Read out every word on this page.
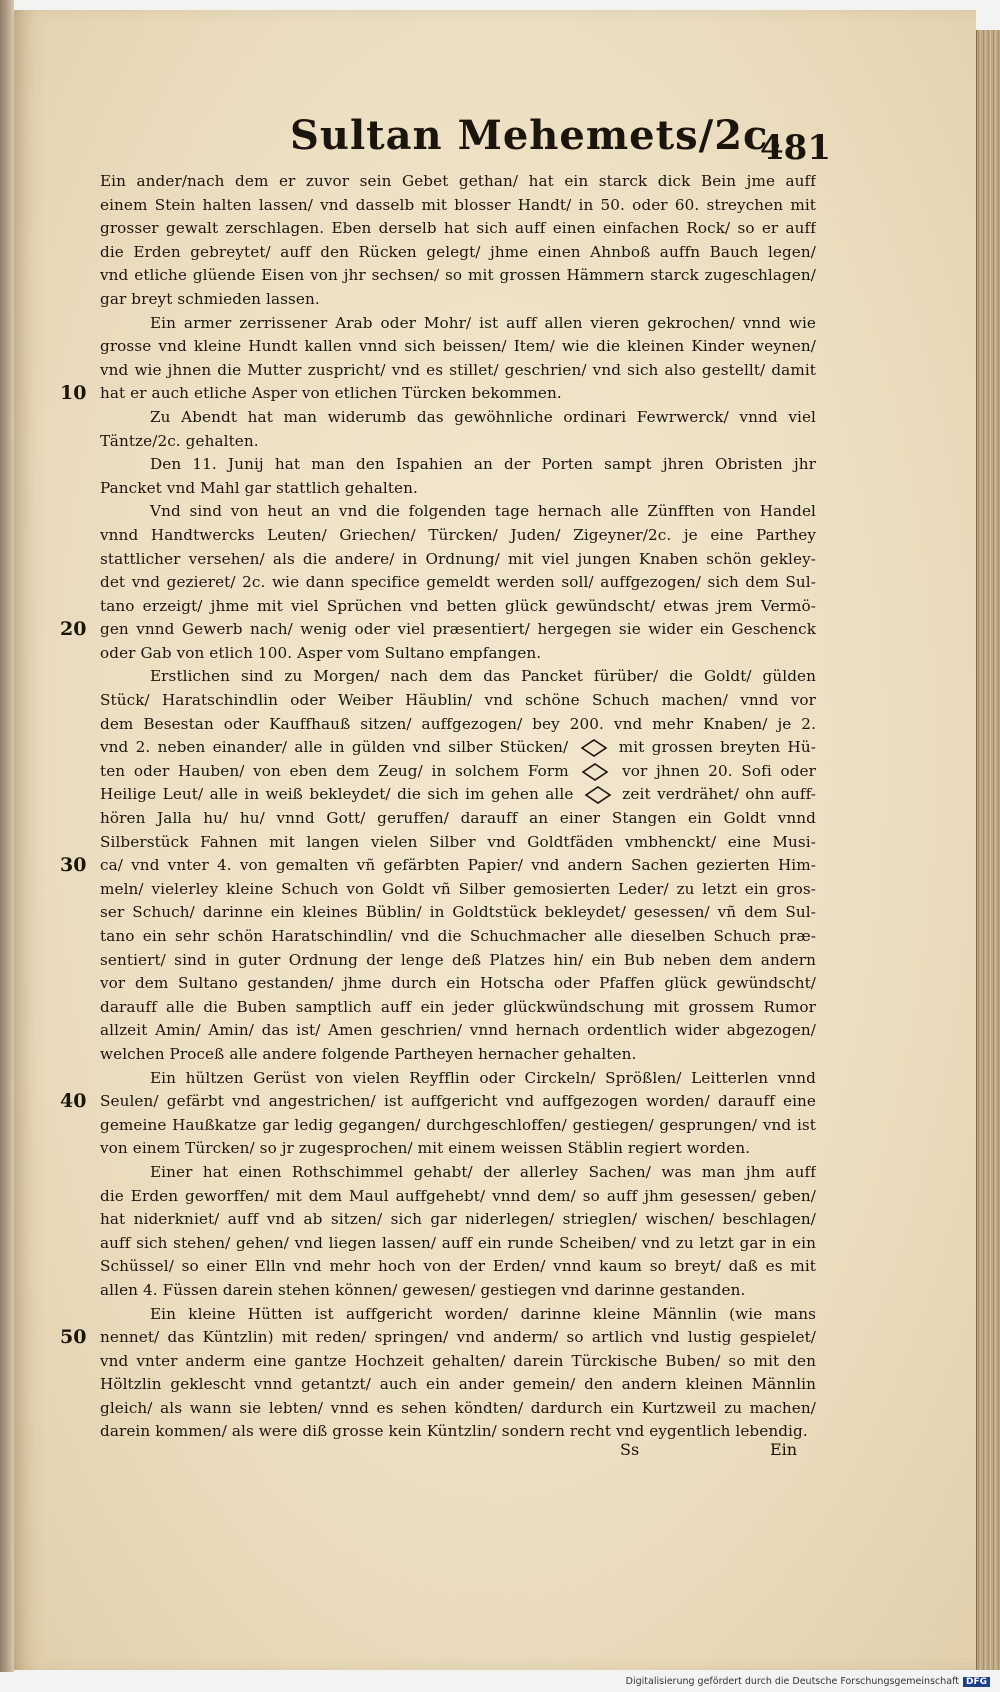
Sultan Mehemets/2c.
481
Ein ander/nach dem er zuvor sein Gebet gethan/ hat ein starck dick Bein jme auff
einem Stein halten lassen/ vnd dasselb mit blosser Handt/ in 50. oder 60. streychen mit
grosser gewalt zerschlagen. Eben derselb hat sich auff einen einfachen Rock/ so er auff
die Erden gebreytet/ auff den Rücken gelegt/ jhme einen Ahnboß auffn Bauch legen/
vnd etliche glüende Eisen von jhr sechsen/ so mit grossen Hämmern starck zugeschlagen/
gar breyt schmieden lassen.
Ein armer zerrissener Arab oder Mohr/ ist auff allen vieren gekrochen/ vnnd wie
grosse vnd kleine Hundt kallen vnnd sich beissen/ Item/ wie die kleinen Kinder weynen/
vnd wie jhnen die Mutter zuspricht/ vnd es stillet/ geschrien/ vnd sich also gestellt/ damit
hat er auch etliche Asper von etlichen Türcken bekommen.
Zu Abendt hat man widerumb das gewöhnliche ordinari Fewrwerck/ vnnd viel
Täntze/2c. gehalten.
Den 11. Junij hat man den Ispahien an der Porten sampt jhren Obristen jhr
Pancket vnd Mahl gar stattlich gehalten.
Vnd sind von heut an vnd die folgenden tage hernach alle Zünfften von Handel
vnnd Handtwercks Leuten/ Griechen/ Türcken/ Juden/ Zigeyner/2c. je eine Parthey
stattlicher versehen/ als die andere/ in Ordnung/ mit viel jungen Knaben schön gekley-
det vnd gezieret/ 2c. wie dann specifice gemeldt werden soll/ auffgezogen/ sich dem Sul-
tano erzeigt/ jhme mit viel Sprüchen vnd betten glück gewündscht/ etwas jrem Vermö-
gen vnnd Gewerb nach/ wenig oder viel præsentiert/ hergegen sie wider ein Geschenck
oder Gab von etlich 100. Asper vom Sultano empfangen.
Erstlichen sind zu Morgen/ nach dem das Pancket fürüber/ die Goldt/ gülden
Stück/ Haratschindlin oder Weiber Häublin/ vnd schöne Schuch machen/ vnnd vor
dem Besestan oder Kauffhauß sitzen/ auffgezogen/ bey 200. vnd mehr Knaben/ je 2.
vnd 2. neben einander/ alle in gülden vnd silber Stücken/  mit grossen breyten Hü-
ten oder Hauben/ von eben dem Zeug/ in solchem Form  vor jhnen 20. Sofi oder
Heilige Leut/ alle in weiß bekleydet/ die sich im gehen alle  zeit verdrähet/ ohn auff-
hören Jalla hu/ hu/ vnnd Gott/ geruffen/ darauff an einer Stangen ein Goldt vnnd
Silberstück Fahnen mit langen vielen Silber vnd Goldtfäden vmbhenckt/ eine Musi-
ca/ vnd vnter 4. von gemalten vñ gefärbten Papier/ vnd andern Sachen gezierten Him-
meln/ vielerley kleine Schuch von Goldt vñ Silber gemosierten Leder/ zu letzt ein gros-
ser Schuch/ darinne ein kleines Büblin/ in Goldtstück bekleydet/ gesessen/ vñ dem Sul-
tano ein sehr schön Haratschindlin/ vnd die Schuchmacher alle dieselben Schuch præ-
sentiert/ sind in guter Ordnung der lenge deß Platzes hin/ ein Bub neben dem andern
vor dem Sultano gestanden/ jhme durch ein Hotscha oder Pfaffen glück gewündscht/
darauff alle die Buben samptlich auff ein jeder glückwündschung mit grossem Rumor
allzeit Amin/ Amin/ das ist/ Amen geschrien/ vnnd hernach ordentlich wider abgezogen/
welchen Proceß alle andere folgende Partheyen hernacher gehalten.
Ein hültzen Gerüst von vielen Reyfflin oder Circkeln/ Sprößlen/ Leitterlen vnnd
Seulen/ gefärbt vnd angestrichen/ ist auffgericht vnd auffgezogen worden/ darauff eine
gemeine Haußkatze gar ledig gegangen/ durchgeschloffen/ gestiegen/ gesprungen/ vnd ist
von einem Türcken/ so jr zugesprochen/ mit einem weissen Stäblin regiert worden.
Einer hat einen Rothschimmel gehabt/ der allerley Sachen/ was man jhm auff
die Erden geworffen/ mit dem Maul auffgehebt/ vnnd dem/ so auff jhm gesessen/ geben/
hat niderkniet/ auff vnd ab sitzen/ sich gar niderlegen/ strieglen/ wischen/ beschlagen/
auff sich stehen/ gehen/ vnd liegen lassen/ auff ein runde Scheiben/ vnd zu letzt gar in ein
Schüssel/ so einer Elln vnd mehr hoch von der Erden/ vnnd kaum so breyt/ daß es mit
allen 4. Füssen darein stehen können/ gewesen/ gestiegen vnd darinne gestanden.
Ein kleine Hütten ist auffgericht worden/ darinne kleine Männlin (wie mans
nennet/ das Küntzlin) mit reden/ springen/ vnd anderm/ so artlich vnd lustig gespielet/
vnd vnter anderm eine gantze Hochzeit gehalten/ darein Türckische Buben/ so mit den
Höltzlin geklescht vnnd getantzt/ auch ein ander gemein/ den andern kleinen Männlin
gleich/ als wann sie lebten/ vnnd es sehen köndten/ dardurch ein Kurtzweil zu machen/
darein kommen/ als were diß grosse kein Küntzlin/ sondern recht vnd eygentlich lebendig.
10
20
30
40
50
Ss	Ein
Digitalisierung gefördert durch die Deutsche Forschungsgemeinschaft DFG
